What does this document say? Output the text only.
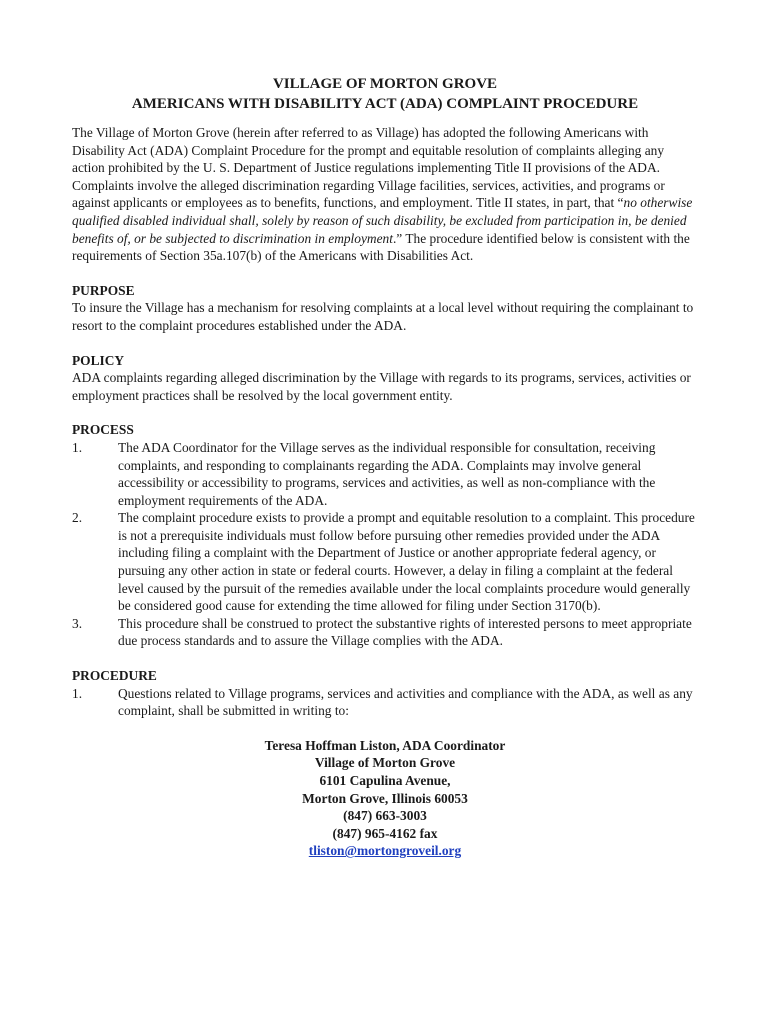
VILLAGE OF MORTON GROVE

AMERICANS WITH DISABILITY ACT (ADA) COMPLAINT PROCEDURE

The Village of Morton Grove (herein after referred to as Village) has adopted the following Americans with Disability Act (ADA) Complaint Procedure for the prompt and equitable resolution of complaints alleging any action prohibited by the U. S. Department of Justice regulations implementing Title II provisions of the ADA. Complaints involve the alleged discrimination regarding Village facilities, services, activities, and programs or against applicants or employees as to benefits, functions, and employment. Title II states, in part, that “no otherwise qualified disabled individual shall, solely by reason of such disability, be excluded from participation in, be denied benefits of, or be subjected to discrimination in employment.” The procedure identified below is consistent with the requirements of Section 35a.107(b) of the Americans with Disabilities Act.

PURPOSE

To insure the Village has a mechanism for resolving complaints at a local level without requiring the complainant to resort to the complaint procedures established under the ADA.

POLICY

ADA complaints regarding alleged discrimination by the Village with regards to its programs, services, activities or employment practices shall be resolved by the local government entity.

PROCESS

1.	The ADA Coordinator for the Village serves as the individual responsible for consultation, receiving complaints, and responding to complainants regarding the ADA. Complaints may involve general accessibility or accessibility to programs, services and activities, as well as non-compliance with the employment requirements of the ADA.
2.	The complaint procedure exists to provide a prompt and equitable resolution to a complaint. This procedure is not a prerequisite individuals must follow before pursuing other remedies provided under the ADA including filing a complaint with the Department of Justice or another appropriate federal agency, or pursuing any other action in state or federal courts. However, a delay in filing a complaint at the federal level caused by the pursuit of the remedies available under the local complaints procedure would generally be considered good cause for extending the time allowed for filing under Section 3170(b).
3.	This procedure shall be construed to protect the substantive rights of interested persons to meet appropriate due process standards and to assure the Village complies with the ADA.

PROCEDURE

1.	Questions related to Village programs, services and activities and compliance with the ADA, as well as any complaint, shall be submitted in writing to:
Teresa Hoffman Liston, ADA Coordinator
Village of Morton Grove
6101 Capulina Avenue,
Morton Grove, Illinois 60053
(847) 663-3003
(847) 965-4162 fax
tliston@mortongroveil.org
